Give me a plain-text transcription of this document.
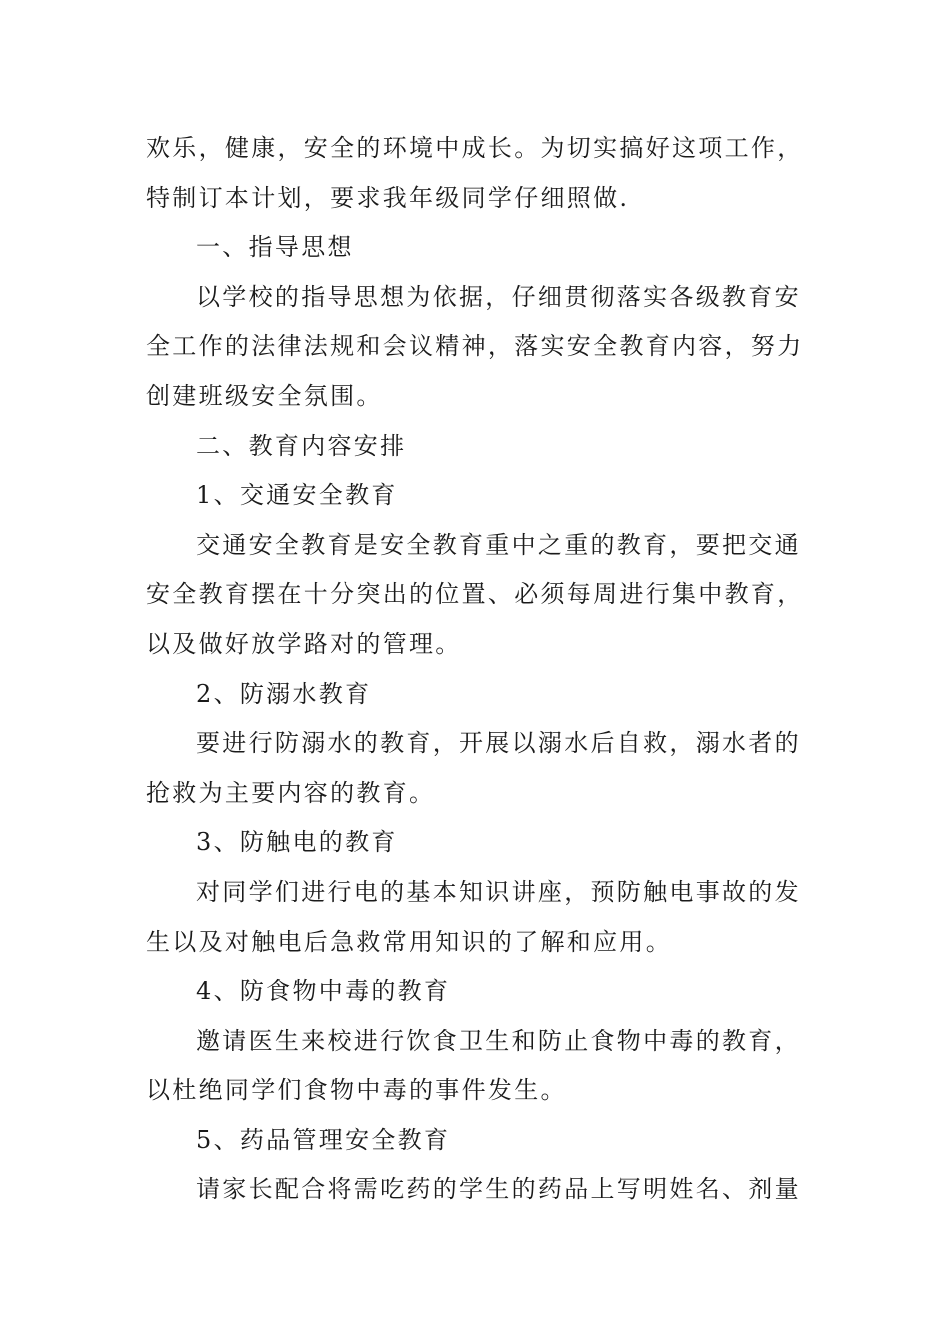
欢乐，健康，安全的环境中成长。为切实搞好这项工作，
特制订本计划，要求我年级同学仔细照做.
一、指导思想
以学校的指导思想为依据，仔细贯彻落实各级教育安
全工作的法律法规和会议精神，落实安全教育内容，努力
创建班级安全氛围。
二、教育内容安排
1、交通安全教育
交通安全教育是安全教育重中之重的教育，要把交通
安全教育摆在十分突出的位置、必须每周进行集中教育，
以及做好放学路对的管理。
2、防溺水教育
要进行防溺水的教育，开展以溺水后自救，溺水者的
抢救为主要内容的教育。
3、防触电的教育
对同学们进行电的基本知识讲座，预防触电事故的发
生以及对触电后急救常用知识的了解和应用。
4、防食物中毒的教育
邀请医生来校进行饮食卫生和防止食物中毒的教育，
以杜绝同学们食物中毒的事件发生。
5、药品管理安全教育
请家长配合将需吃药的学生的药品上写明姓名、剂量
